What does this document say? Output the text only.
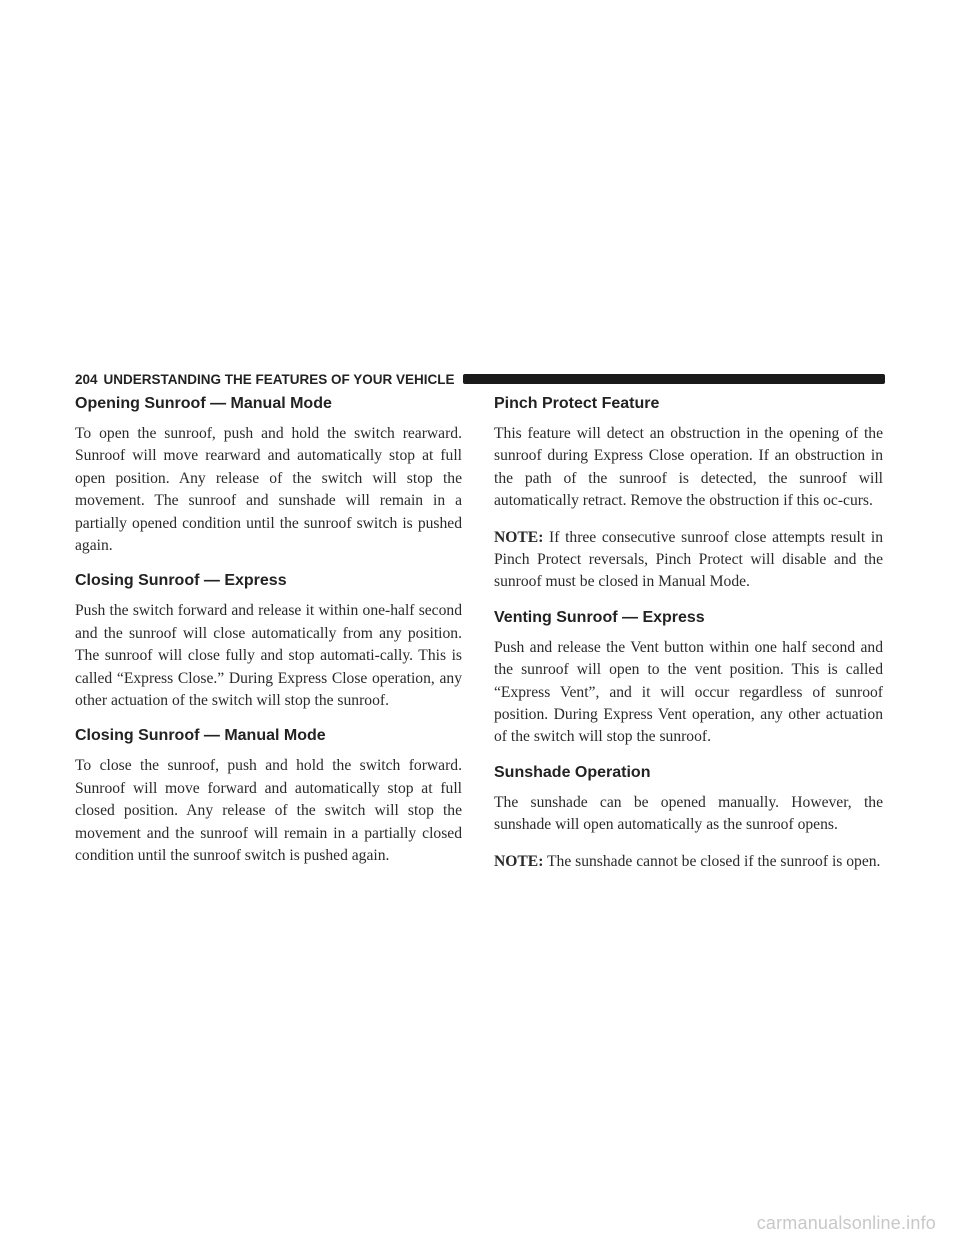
204 UNDERSTANDING THE FEATURES OF YOUR VEHICLE
Opening Sunroof — Manual Mode

To open the sunroof, push and hold the switch rearward. Sunroof will move rearward and automatically stop at full open position. Any release of the switch will stop the movement. The sunroof and sunshade will remain in a partially opened condition until the sunroof switch is pushed again.

Closing Sunroof — Express

Push the switch forward and release it within one-half second and the sunroof will close automatically from any position. The sunroof will close fully and stop automati-cally. This is called “Express Close.” During Express Close operation, any other actuation of the switch will stop the sunroof.

Closing Sunroof — Manual Mode

To close the sunroof, push and hold the switch forward. Sunroof will move forward and automatically stop at full closed position. Any release of the switch will stop the movement and the sunroof will remain in a partially closed condition until the sunroof switch is pushed again.

Pinch Protect Feature

This feature will detect an obstruction in the opening of the sunroof during Express Close operation. If an obstruction in the path of the sunroof is detected, the sunroof will automatically retract. Remove the obstruction if this oc-curs.

NOTE: If three consecutive sunroof close attempts result in Pinch Protect reversals, Pinch Protect will disable and the sunroof must be closed in Manual Mode.

Venting Sunroof — Express

Push and release the Vent button within one half second and the sunroof will open to the vent position. This is called “Express Vent”, and it will occur regardless of sunroof position. During Express Vent operation, any other actuation of the switch will stop the sunroof.

Sunshade Operation

The sunshade can be opened manually. However, the sunshade will open automatically as the sunroof opens.

NOTE: The sunshade cannot be closed if the sunroof is open.

carmanualsonline.info
